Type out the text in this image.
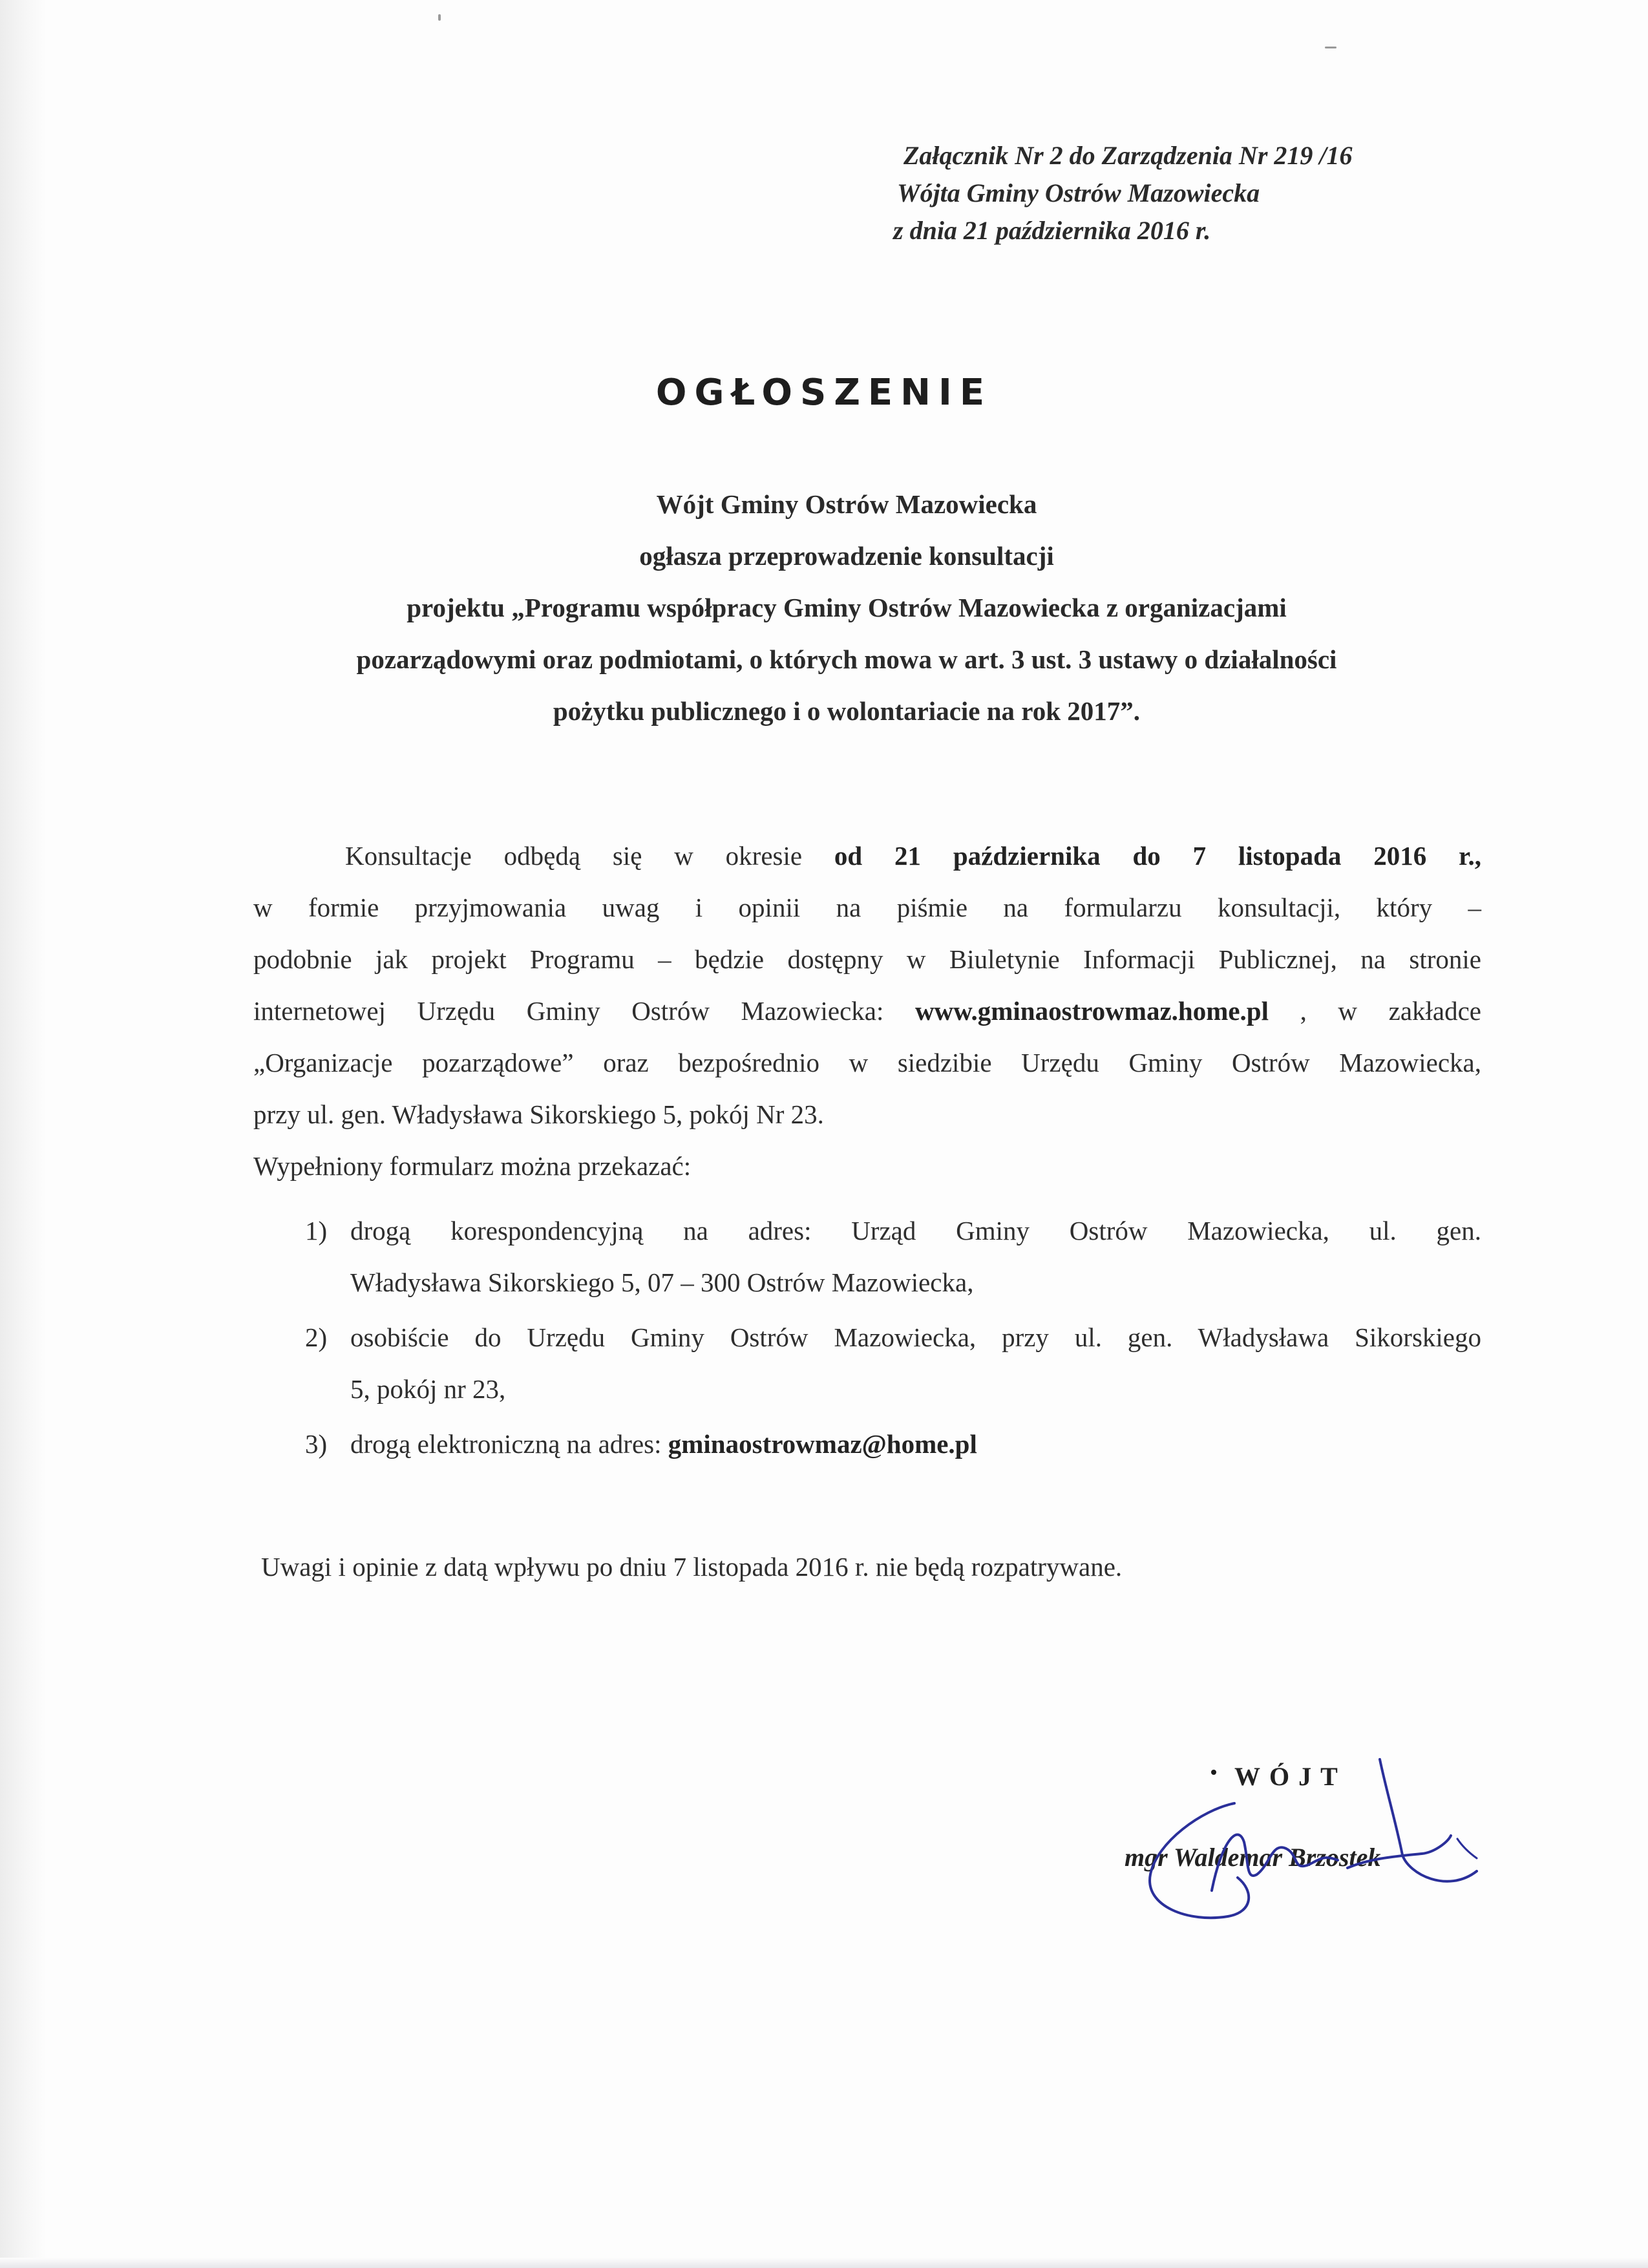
Załącznik Nr 2 do Zarządzenia Nr 219 /16
Wójta Gminy Ostrów Mazowiecka
z dnia 21 października 2016 r.
OGŁOSZENIE
Wójt Gminy Ostrów Mazowiecka
ogłasza przeprowadzenie konsultacji
projektu „Programu współpracy Gminy Ostrów Mazowiecka z organizacjami
pozarządowymi oraz podmiotami, o których mowa w art. 3 ust. 3 ustawy o działalności
pożytku publicznego i o wolontariacie na rok 2017”.
Konsultacje odbędą się w okresie od 21 października do 7 listopada 2016 r.,
w formie przyjmowania uwag i opinii na piśmie na formularzu konsultacji, który –
podobnie jak projekt Programu – będzie dostępny w Biuletynie Informacji Publicznej, na stronie
internetowej Urzędu Gminy Ostrów Mazowiecka: www.gminaostrowmaz.home.pl , w zakładce
„Organizacje pozarządowe” oraz bezpośrednio w siedzibie Urzędu Gminy Ostrów Mazowiecka,
przy ul. gen. Władysława Sikorskiego 5, pokój Nr 23.
Wypełniony formularz można przekazać:
1) drogą korespondencyjną na adres: Urząd Gminy Ostrów Mazowiecka, ul. gen.
Władysława Sikorskiego 5, 07 – 300 Ostrów Mazowiecka,
2) osobiście do Urzędu Gminy Ostrów Mazowiecka, przy ul. gen. Władysława Sikorskiego
5, pokój nr 23,
3) drogą elektroniczną na adres: gminaostrowmaz@home.pl
Uwagi i opinie z datą wpływu po dniu 7 listopada 2016 r. nie będą rozpatrywane.
WÓJT
mgr Waldemar Brzostek
